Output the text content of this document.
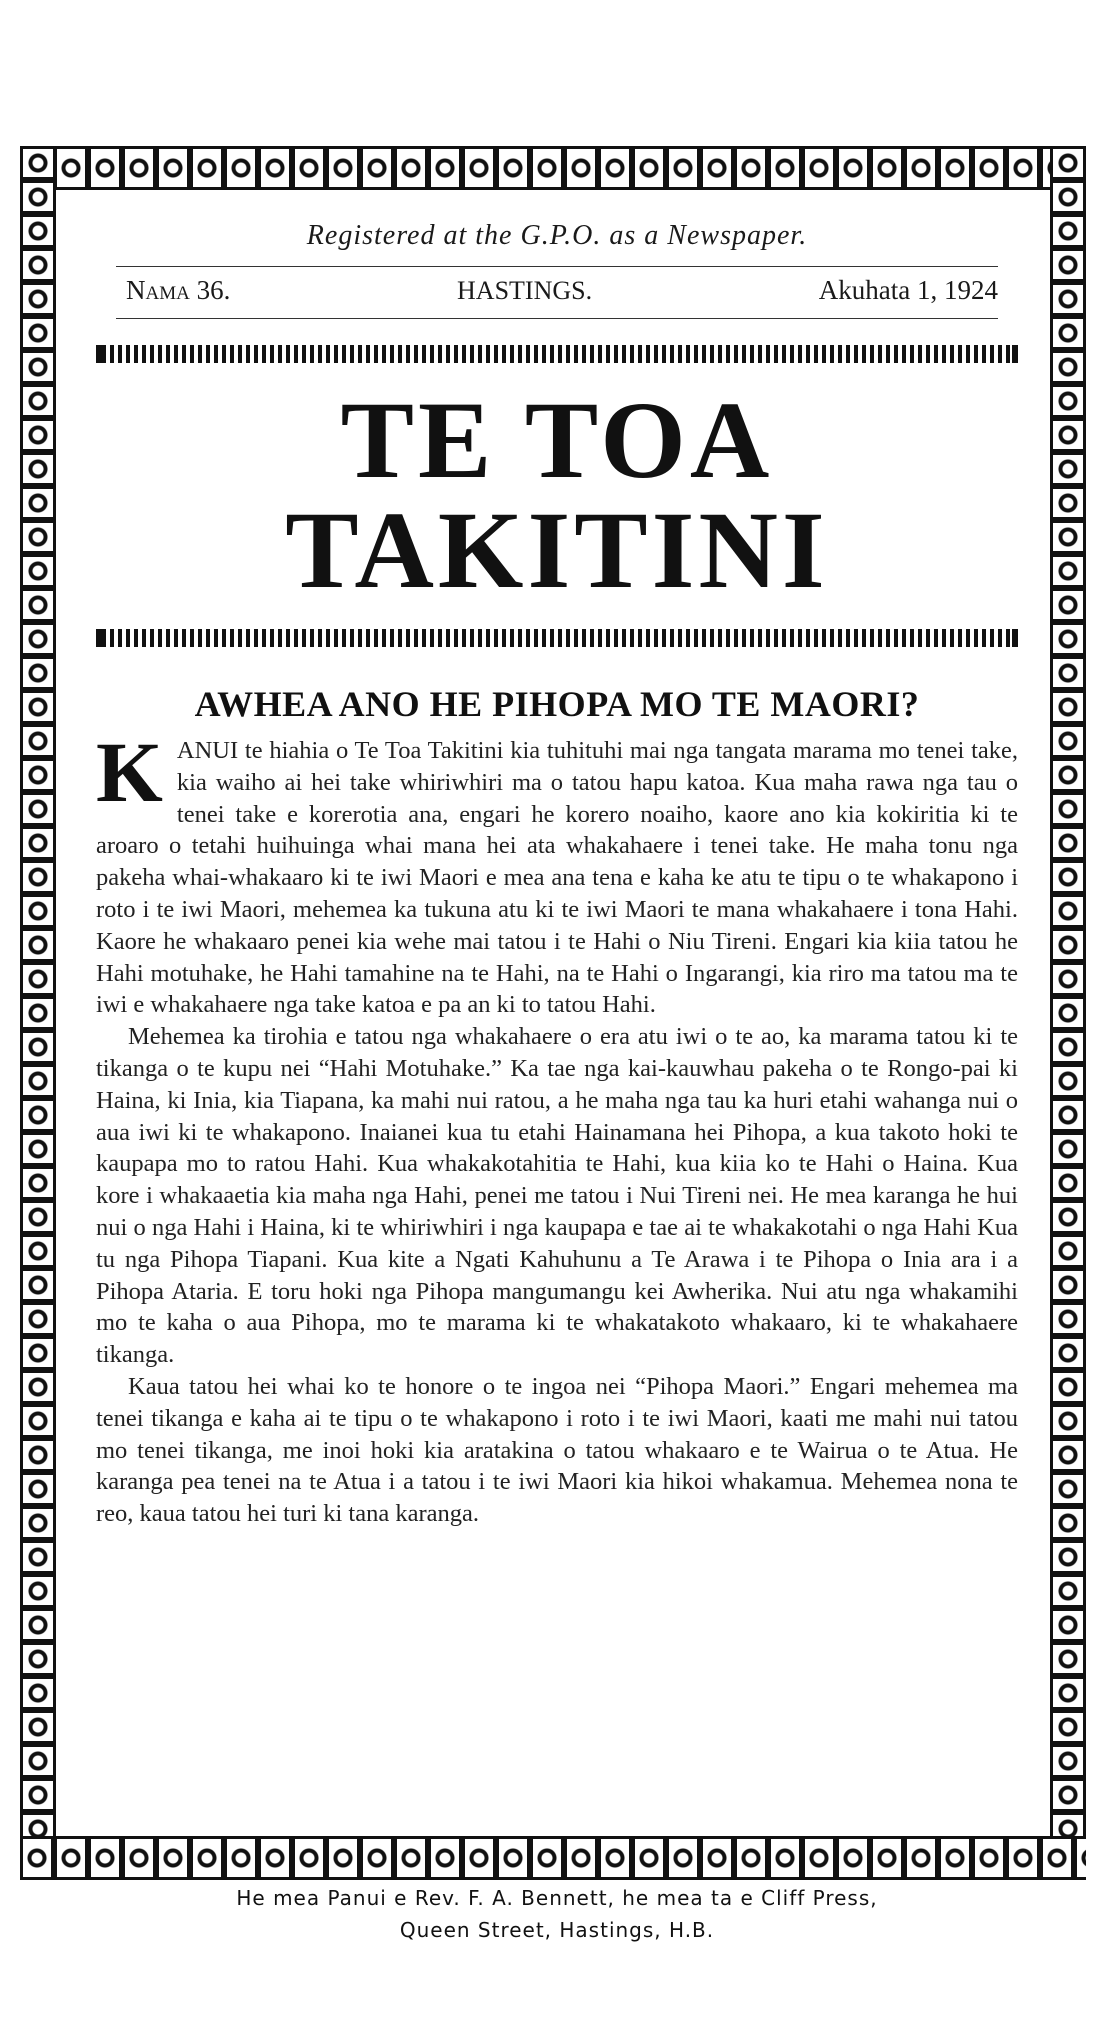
Registered at the G.P.O. as a Newspaper.
Nama 36.	HASTINGS.	Akuhata 1, 1924
TE TOA TAKITINI
AWHEA ANO HE PIHOPA MO TE MAORI?

KANUI te hiahia o Te Toa Takitini kia tuhituhi mai nga tangata marama mo tenei take, kia waiho ai hei take whiriwhiri ma o tatou hapu katoa. Kua maha rawa nga tau o tenei take e korerotia ana, engari he korero noaiho, kaore ano kia kokiritia ki te aroaro o tetahi huihuinga whai mana hei ata whakahaere i tenei take. He maha tonu nga pakeha whai-whakaaro ki te iwi Maori e mea ana tena e kaha ke atu te tipu o te whakapono i roto i te iwi Maori, mehemea ka tukuna atu ki te iwi Maori te mana whakahaere i tona Hahi. Kaore he whakaaro penei kia wehe mai tatou i te Hahi o Niu Tireni. Engari kia kiia tatou he Hahi motuhake, he Hahi tamahine na te Hahi, na te Hahi o Ingarangi, kia riro ma tatou ma te iwi e whakahaere nga take katoa e pa an ki to tatou Hahi.

Mehemea ka tirohia e tatou nga whakahaere o era atu iwi o te ao, ka marama tatou ki te tikanga o te kupu nei “Hahi Motuhake.” Ka tae nga kai-kauwhau pakeha o te Rongo-pai ki Haina, ki Inia, kia Tiapana, ka mahi nui ratou, a he maha nga tau ka huri etahi wahanga nui o aua iwi ki te whakapono. Inaianei kua tu etahi Hainamana hei Pihopa, a kua takoto hoki te kaupapa mo to ratou Hahi. Kua whakakotahitia te Hahi, kua kiia ko te Hahi o Haina. Kua kore i whakaaetia kia maha nga Hahi, penei me tatou i Nui Tireni nei. He mea karanga he hui nui o nga Hahi i Haina, ki te whiriwhiri i nga kaupapa e tae ai te whakakotahi o nga Hahi Kua tu nga Pihopa Tiapani. Kua kite a Ngati Kahuhunu a Te Arawa i te Pihopa o Inia ara i a Pihopa Ataria. E toru hoki nga Pihopa mangumangu kei Awherika. Nui atu nga whakamihi mo te kaha o aua Pihopa, mo te marama ki te whakatakoto whakaaro, ki te whakahaere tikanga.

Kaua tatou hei whai ko te honore o te ingoa nei “Pihopa Maori.” Engari mehemea ma tenei tikanga e kaha ai te tipu o te whakapono i roto i te iwi Maori, kaati me mahi nui tatou mo tenei tikanga, me inoi hoki kia aratakina o tatou whakaaro e te Wairua o te Atua. He karanga pea tenei na te Atua i a tatou i te iwi Maori kia hikoi whakamua. Mehemea nona te reo, kaua tatou hei turi ki tana karanga.

He mea Panui e Rev. F. A. Bennett, he mea ta e Cliff Press,
Queen Street, Hastings, H.B.
